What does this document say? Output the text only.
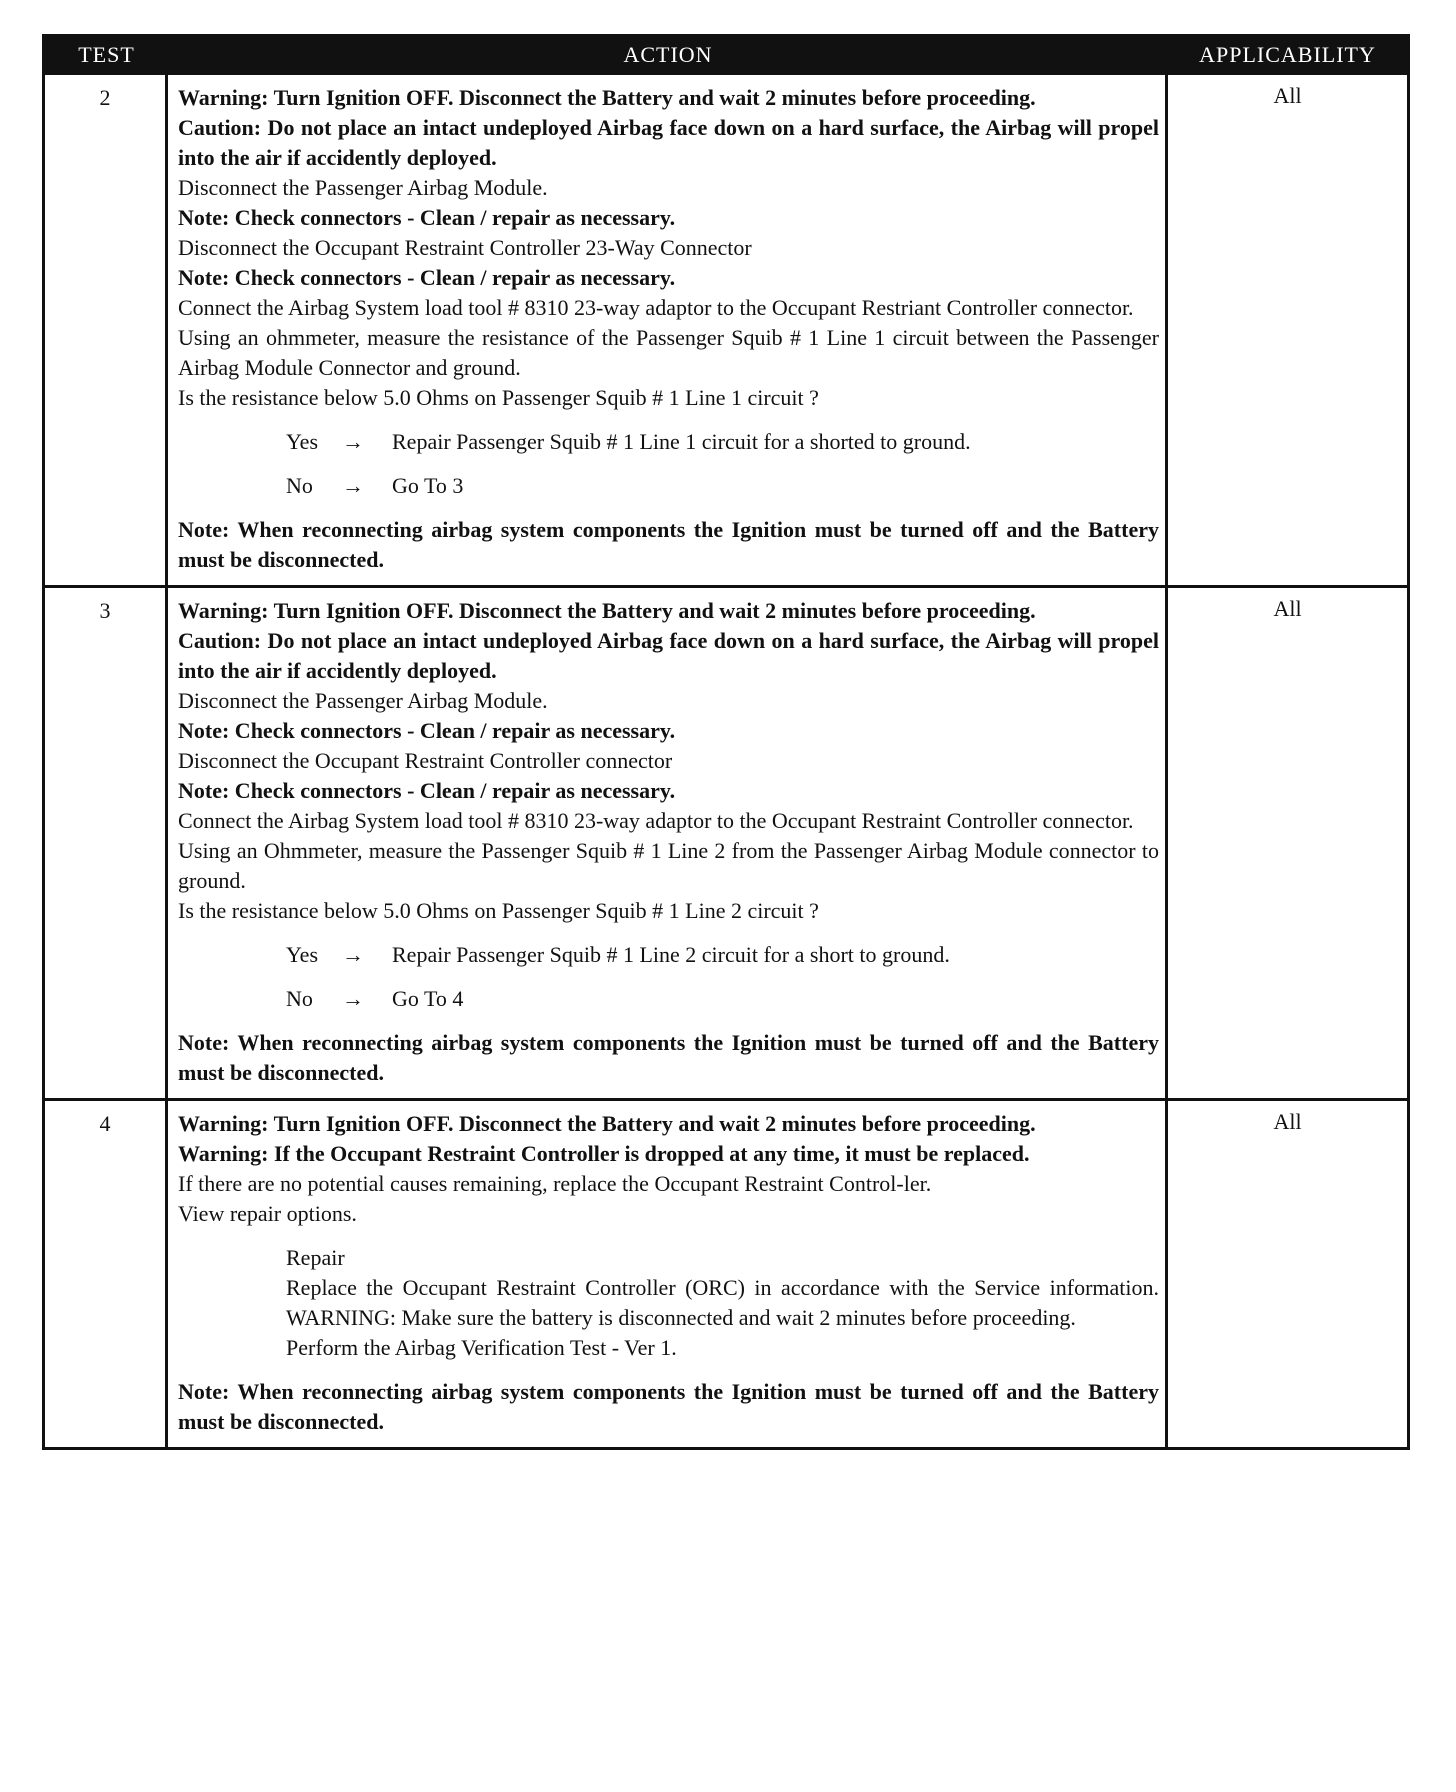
TEST	ACTION	APPLICABILITY
2	Warning: Turn Ignition OFF. Disconnect the Battery and wait 2 minutes before proceeding.
Caution: Do not place an intact undeployed Airbag face down on a hard surface, the Airbag will propel into the air if accidently deployed.
Disconnect the Passenger Airbag Module.
Note: Check connectors - Clean / repair as necessary.
Disconnect the Occupant Restraint Controller 23-Way Connector
Note: Check connectors - Clean / repair as necessary.
Connect the Airbag System load tool # 8310 23-way adaptor to the Occupant Restriant Controller connector.
Using an ohmmeter, measure the resistance of the Passenger Squib # 1 Line 1 circuit between the Passenger Airbag Module Connector and ground.
Is the resistance below 5.0 Ohms on Passenger Squib # 1 Line 1 circuit ?
Yes	→	Repair Passenger Squib # 1 Line 1 circuit for a shorted to ground.
No	→	Go To 3
Note: When reconnecting airbag system components the Ignition must be turned off and the Battery must be disconnected.
All
3	Warning: Turn Ignition OFF. Disconnect the Battery and wait 2 minutes before proceeding.
Caution: Do not place an intact undeployed Airbag face down on a hard surface, the Airbag will propel into the air if accidently deployed.
Disconnect the Passenger Airbag Module.
Note: Check connectors - Clean / repair as necessary.
Disconnect the Occupant Restraint Controller connector
Note: Check connectors - Clean / repair as necessary.
Connect the Airbag System load tool # 8310 23-way adaptor to the Occupant Restraint Controller connector.
Using an Ohmmeter, measure the Passenger Squib # 1 Line 2 from the Passenger Airbag Module connector to ground.
Is the resistance below 5.0 Ohms on Passenger Squib # 1 Line 2 circuit ?
Yes	→	Repair Passenger Squib # 1 Line 2 circuit for a short to ground.
No	→	Go To 4
Note: When reconnecting airbag system components the Ignition must be turned off and the Battery must be disconnected.
All
4	Warning: Turn Ignition OFF. Disconnect the Battery and wait 2 minutes before proceeding.
Warning: If the Occupant Restraint Controller is dropped at any time, it must be replaced.
If there are no potential causes remaining, replace the Occupant Restraint Control-ler.
View repair options.
Repair
Replace the Occupant Restraint Controller (ORC) in accordance with the Service information. WARNING: Make sure the battery is disconnected and wait 2 minutes before proceeding.
Perform the Airbag Verification Test - Ver 1.
Note: When reconnecting airbag system components the Ignition must be turned off and the Battery must be disconnected.
All
